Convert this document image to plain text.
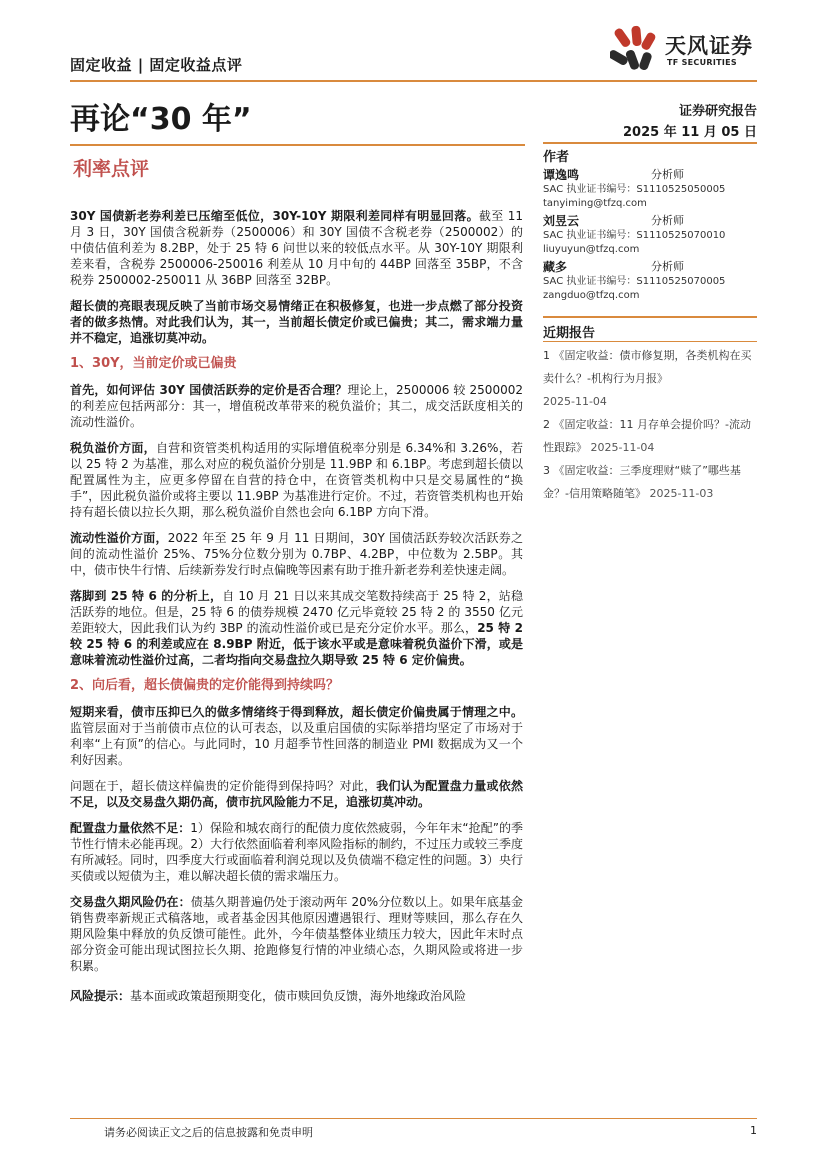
固定收益 | 固定收益点评
天风证券
TF SECURITIES
再论“30 年”	证券研究报告
2025 年 11 月 05 日
利率点评
作者
谭逸鸣	分析师
SAC 执业证书编号：S1110525050005
tanyiming@tfzq.com
刘昱云	分析师
SAC 执业证书编号：S1110525070010
liuyuyun@tfzq.com
藏多	分析师
SAC 执业证书编号：S1110525070005
zangduo@tfzq.com
近期报告
1 《固定收益：债市修复期，各类机构在买卖什么？-机构行为月报》
2025-11-04
2 《固定收益：11 月存单会提价吗？-流动性跟踪》 2025-11-04
3 《固定收益：三季度理财“赎了”哪些基金？-信用策略随笔》 2025-11-03

30Y 国债新老券利差已压缩至低位，30Y-10Y 期限利差同样有明显回落。截至 11 月 3 日，30Y 国债含税新券（2500006）和 30Y 国债不含税老券（2500002）的中债估值利差为 8.2BP，处于 25 特 6 问世以来的较低点水平。从 30Y-10Y 期限利差来看，含税券 2500006-250016 利差从 10 月中旬的 44BP 回落至 35BP，不含税券 2500002-250011 从 36BP 回落至 32BP。

超长债的亮眼表现反映了当前市场交易情绪正在积极修复，也进一步点燃了部分投资者的做多热情。对此我们认为，其一，当前超长债定价或已偏贵；其二，需求端力量并不稳定，追涨切莫冲动。

1、30Y，当前定价或已偏贵

首先，如何评估 30Y 国债活跃券的定价是否合理？理论上，2500006 较 2500002 的利差应包括两部分：其一，增值税改革带来的税负溢价；其二，成交活跃度相关的流动性溢价。

税负溢价方面，自营和资管类机构适用的实际增值税率分别是 6.34%和 3.26%，若以 25 特 2 为基准，那么对应的税负溢价分别是 11.9BP 和 6.1BP。考虑到超长债以配置属性为主，应更多停留在自营的持仓中，在资管类机构中只是交易属性的“换手”，因此税负溢价或将主要以 11.9BP 为基准进行定价。不过，若资管类机构也开始持有超长债以拉长久期，那么税负溢价自然也会向 6.1BP 方向下滑。

流动性溢价方面，2022 年至 25 年 9 月 11 日期间，30Y 国债活跃券较次活跃券之间的流动性溢价 25%、75%分位数分别为 0.7BP、4.2BP，中位数为 2.5BP。其中，债市快牛行情、后续新券发行时点偏晚等因素有助于推升新老券利差快速走阔。

落脚到 25 特 6 的分析上，自 10 月 21 日以来其成交笔数持续高于 25 特 2，站稳活跃券的地位。但是，25 特 6 的债券规模 2470 亿元毕竟较 25 特 2 的 3550 亿元差距较大，因此我们认为约 3BP 的流动性溢价或已是充分定价水平。那么，25 特 2 较 25 特 6 的利差或应在 8.9BP 附近，低于该水平或是意味着税负溢价下滑，或是意味着流动性溢价过高，二者均指向交易盘拉久期导致 25 特 6 定价偏贵。

2、向后看，超长债偏贵的定价能得到持续吗？

短期来看，债市压抑已久的做多情绪终于得到释放，超长债定价偏贵属于情理之中。监管层面对于当前债市点位的认可表态，以及重启国债的实际举措均坚定了市场对于利率“上有顶”的信心。与此同时，10 月超季节性回落的制造业 PMI 数据成为又一个利好因素。

问题在于，超长债这样偏贵的定价能得到保持吗？对此，我们认为配置盘力量或依然不足，以及交易盘久期仍高，债市抗风险能力不足，追涨切莫冲动。

配置盘力量依然不足：1）保险和城农商行的配债力度依然疲弱，今年年末“抢配”的季节性行情未必能再现。2）大行依然面临着利率风险指标的制约，不过压力或较三季度有所减轻。同时，四季度大行或面临着利润兑现以及负债端不稳定性的问题。3）央行买债或以短债为主，难以解决超长债的需求端压力。

交易盘久期风险仍在：债基久期普遍仍处于滚动两年 20%分位数以上。如果年底基金销售费率新规正式稿落地，或者基金因其他原因遭遇银行、理财等赎回，那么存在久期风险集中释放的负反馈可能性。此外，今年债基整体业绩压力较大，因此年末时点部分资金可能出现试图拉长久期、抢跑修复行情的冲业绩心态，久期风险或将进一步积累。

风险提示：基本面或政策超预期变化，债市赎回负反馈，海外地缘政治风险

请务必阅读正文之后的信息披露和免责申明	1
